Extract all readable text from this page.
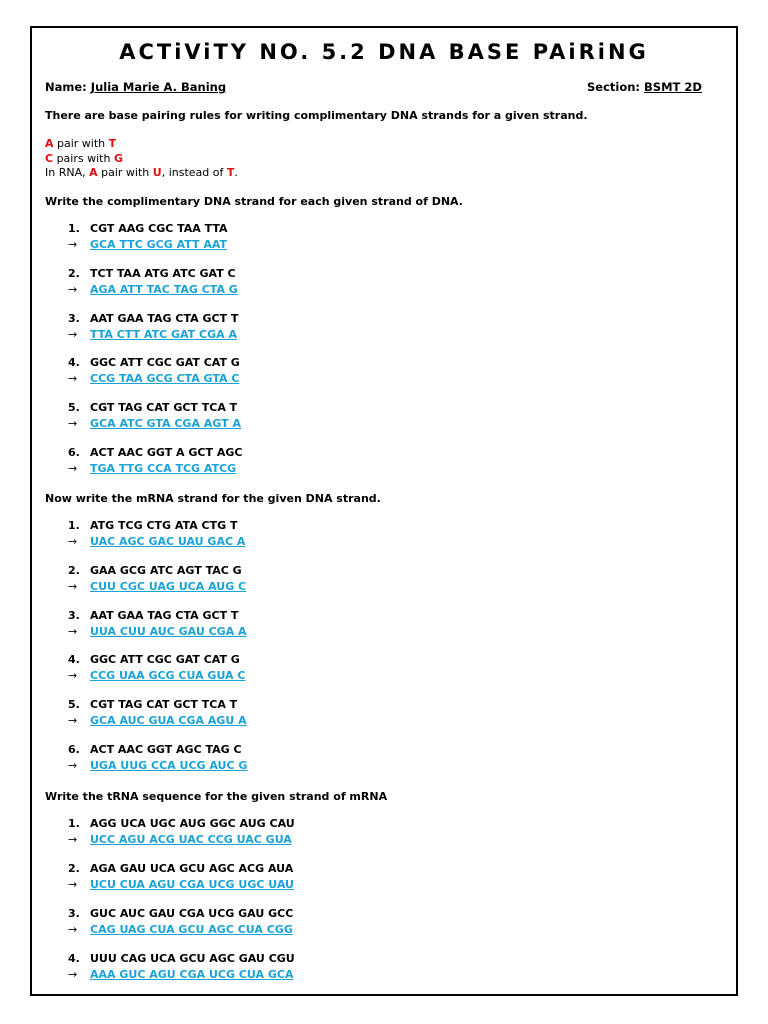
ACTiViTY NO. 5.2 DNA BASE PAiRiNG
Name: Julia Marie A. Baning	Section: BSMT 2D
There are base pairing rules for writing complimentary DNA strands for a given strand.
A pair with T
C pairs with G
In RNA, A pair with U, instead of T.
Write the complimentary DNA strand for each given strand of DNA.
1. CGT AAG CGC TAA TTA
→ GCA TTC GCG ATT AAT
2. TCT TAA ATG ATC GAT C
→ AGA ATT TAC TAG CTA G
3. AAT GAA TAG CTA GCT T
→ TTA CTT ATC GAT CGA A
4. GGC ATT CGC GAT CAT G
→ CCG TAA GCG CTA GTA C
5. CGT TAG CAT GCT TCA T
→ GCA ATC GTA CGA AGT A
6. ACT AAC GGT A GCT AGC
→ TGA TTG CCA TCG ATCG
Now write the mRNA strand for the given DNA strand.
1. ATG TCG CTG ATA CTG T
→ UAC AGC GAC UAU GAC A
2. GAA GCG ATC AGT TAC G
→ CUU CGC UAG UCA AUG C
3. AAT GAA TAG CTA GCT T
→ UUA CUU AUC GAU CGA A
4. GGC ATT CGC GAT CAT G
→ CCG UAA GCG CUA GUA C
5. CGT TAG CAT GCT TCA T
→ GCA AUC GUA CGA AGU A
6. ACT AAC GGT AGC TAG C
→ UGA UUG CCA UCG AUC G
Write the tRNA sequence for the given strand of mRNA
1. AGG UCA UGC AUG GGC AUG CAU
→ UCC AGU ACG UAC CCG UAC GUA
2. AGA GAU UCA GCU AGC ACG AUA
→ UCU CUA AGU CGA UCG UGC UAU
3. GUC AUC GAU CGA UCG GAU GCC
→ CAG UAG CUA GCU AGC CUA CGG
4. UUU CAG UCA GCU AGC GAU CGU
→ AAA GUC AGU CGA UCG CUA GCA
